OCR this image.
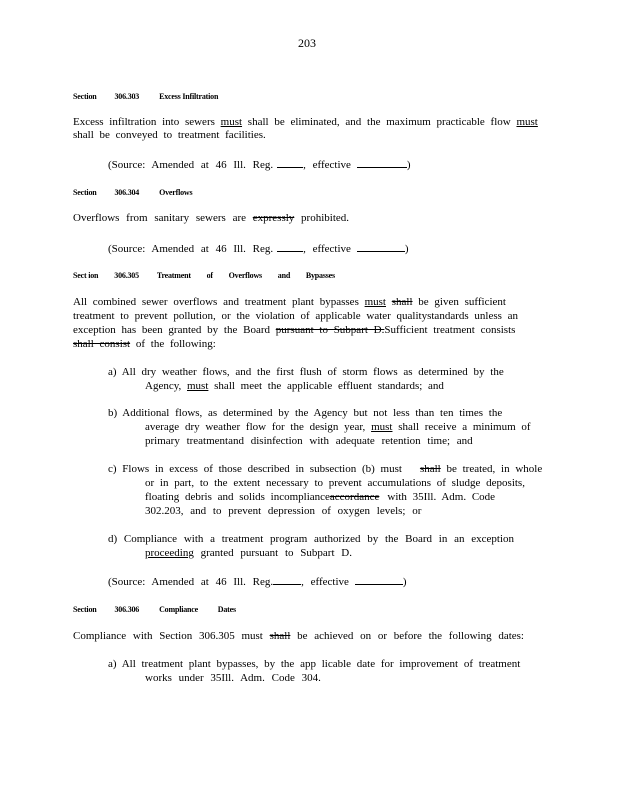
203
Section 306.303	Excess Infiltration
Excess infiltration into sewers must shall be eliminated, and the maximum practicable flow must
shall be conveyed to treatment facilities.
(Source: Amended at 46 Ill. Reg.	, effective	)
Section 306.304	Overflows
Overflows from sanitary sewers are expressly prohibited.
(Source: Amended at 46 Ill. Reg.	, effective	)
Sect ion 306.305 Treatment of Overflows and Bypasses
All combined sewer overflows and treatment plant bypasses must shall be given sufficient
treatment to prevent pollution, or the violation of applicable water qualitystandards unless an
exception has been granted by the Board pursuant to Subpart D.Sufficient treatment consists
shall consist of the following:
a) All dry weather flows, and the first flush of storm flows as determined by the
Agency, must shall meet the applicable effluent standards; and
b) Additional flows, as determined by the Agency but not less than ten times the
average dry weather flow for the design year, must shall receive a minimum of
primary treatmentand disinfection with adequate retention time; and
c) Flows in excess of those described in subsection (b) must shall be treated, in whole
or in part, to the extent necessary to prevent accumulations of sludge deposits,
floating debris and solids incomplianceaccordance with 35Ill. Adm. Code
302.203, and to prevent depression of oxygen levels; or
d) Compliance with a treatment program authorized by the Board in an exception
proceeding granted pursuant to Subpart D.
(Source: Amended at 46 Ill. Reg.	, effective	)
Section 306.306	Compliance Dates
Compliance with Section 306.305 must shall be achieved on or before the following dates:
a) All treatment plant bypasses, by the app licable date for improvement of treatment
works under 35Ill. Adm. Code 304.
